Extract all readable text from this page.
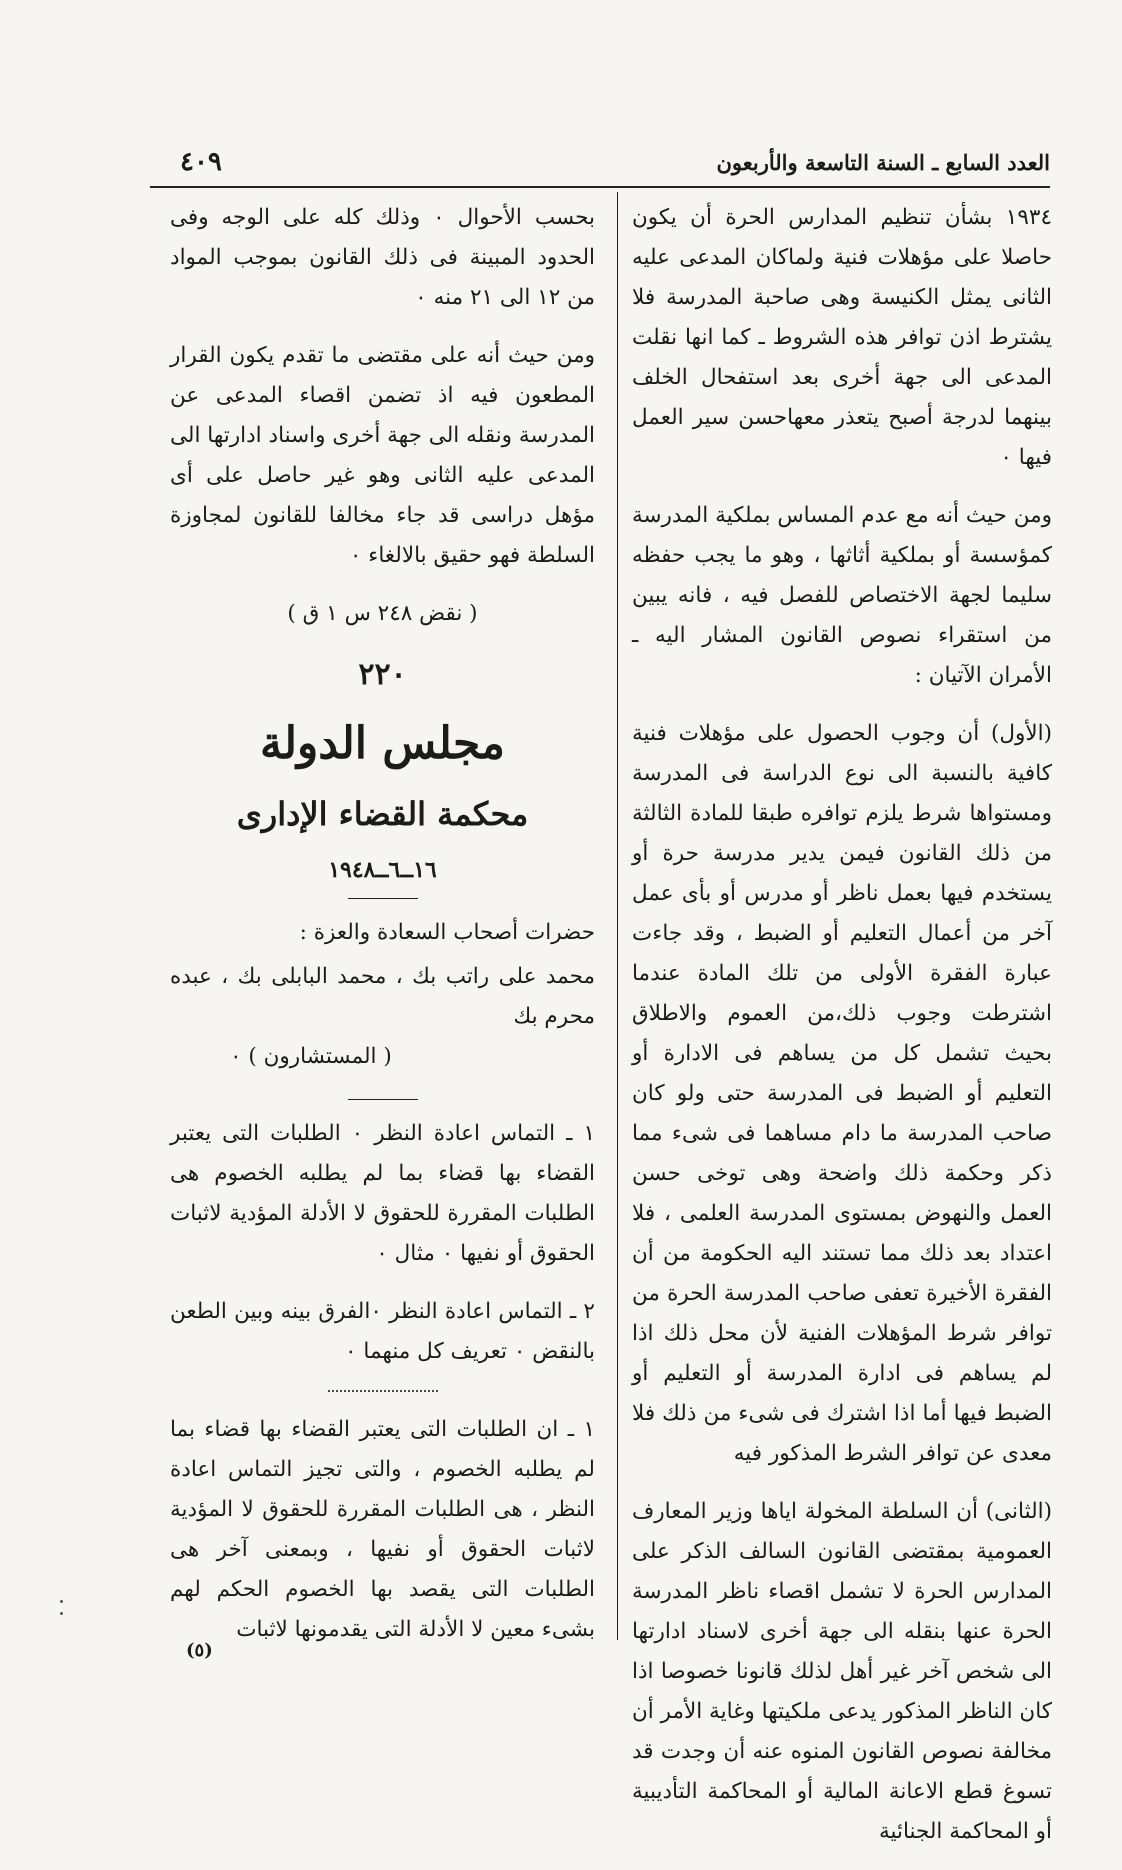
العدد السابع ـ السنة التاسعة والأربعون
٤٠٩

١٩٣٤ بشأن تنظيم المدارس الحرة أن يكون حاصلا على مؤهلات فنية ولماكان المدعى عليه الثانى يمثل الكنيسة وهى صاحبة المدرسة فلا يشترط اذن توافر هذه الشروط ـ كما انها نقلت المدعى الى جهة أخرى بعد استفحال الخلف بينهما لدرجة أصبح يتعذر معهاحسن سير العمل فيها ٠

ومن حيث أنه مع عدم المساس بملكية المدرسة كمؤسسة أو بملكية أثاثها ، وهو ما يجب حفظه سليما لجهة الاختصاص للفصل فيه ، فانه يبين من استقراء نصوص القانون المشار اليه ـ الأمران الآتيان :

(الأول) أن وجوب الحصول على مؤهلات فنية كافية بالنسبة الى نوع الدراسة فى المدرسة ومستواها شرط يلزم توافره طبقا للمادة الثالثة من ذلك القانون فيمن يدير مدرسة حرة أو يستخدم فيها بعمل ناظر أو مدرس أو بأى عمل آخر من أعمال التعليم أو الضبط ، وقد جاءت عبارة الفقرة الأولى من تلك المادة عندما اشترطت وجوب ذلك،من العموم والاطلاق بحيث تشمل كل من يساهم فى الادارة أو التعليم أو الضبط فى المدرسة حتى ولو كان صاحب المدرسة ما دام مساهما فى شىء مما ذكر وحكمة ذلك واضحة وهى توخى حسن العمل والنهوض بمستوى المدرسة العلمى ، فلا اعتداد بعد ذلك مما تستند اليه الحكومة من أن الفقرة الأخيرة تعفى صاحب المدرسة الحرة من توافر شرط المؤهلات الفنية لأن محل ذلك اذا لم يساهم فى ادارة المدرسة أو التعليم أو الضبط فيها أما اذا اشترك فى شىء من ذلك فلا معدى عن توافر الشرط المذكور فيه

(الثانى) أن السلطة المخولة اياها وزير المعارف العمومية بمقتضى القانون السالف الذكر على المدارس الحرة لا تشمل اقصاء ناظر المدرسة الحرة عنها بنقله الى جهة أخرى لاسناد ادارتها الى شخص آخر غير أهل لذلك قانونا خصوصا اذا كان الناظر المذكور يدعى ملكيتها وغاية الأمر أن مخالفة نصوص القانون المنوه عنه أن وجدت قد تسوغ قطع الاعانة المالية أو المحاكمة التأديبية أو المحاكمة الجنائية

بحسب الأحوال ٠ وذلك كله على الوجه وفى الحدود المبينة فى ذلك القانون بموجب المواد من ١٢ الى ٢١ منه ٠

ومن حيث أنه على مقتضى ما تقدم يكون القرار المطعون فيه اذ تضمن اقصاء المدعى عن المدرسة ونقله الى جهة أخرى واسناد ادارتها الى المدعى عليه الثانى وهو غير حاصل على أى مؤهل دراسى قد جاء مخالفا للقانون لمجاوزة السلطة فهو حقيق بالالغاء ٠

( نقض ٢٤٨ س ١ ق )

٢٢٠
مجلس الدولة
محكمة القضاء الإدارى
١٦ــ٦ــ١٩٤٨

حضرات أصحاب السعادة والعزة :

محمد على راتب بك ، محمد البابلى بك ، عبده محرم بك

( المستشارون ) ٠

١ ـ التماس اعادة النظر ٠ الطلبات التى يعتبر القضاء بها قضاء بما لم يطلبه الخصوم هى الطلبات المقررة للحقوق لا الأدلة المؤدية لاثبات الحقوق أو نفيها ٠ مثال ٠

٢ ـ التماس اعادة النظر ٠الفرق بينه وبين الطعن بالنقض ٠ تعريف كل منهما ٠

١ ـ ان الطلبات التى يعتبر القضاء بها قضاء بما لم يطلبه الخصوم ، والتى تجيز التماس اعادة النظر ، هى الطلبات المقررة للحقوق لا المؤدية لاثبات الحقوق أو نفيها ، وبمعنى آخر هى الطلبات التى يقصد بها الخصوم الحكم لهم بشىء معين لا الأدلة التى يقدمونها لاثبات

(٥)
